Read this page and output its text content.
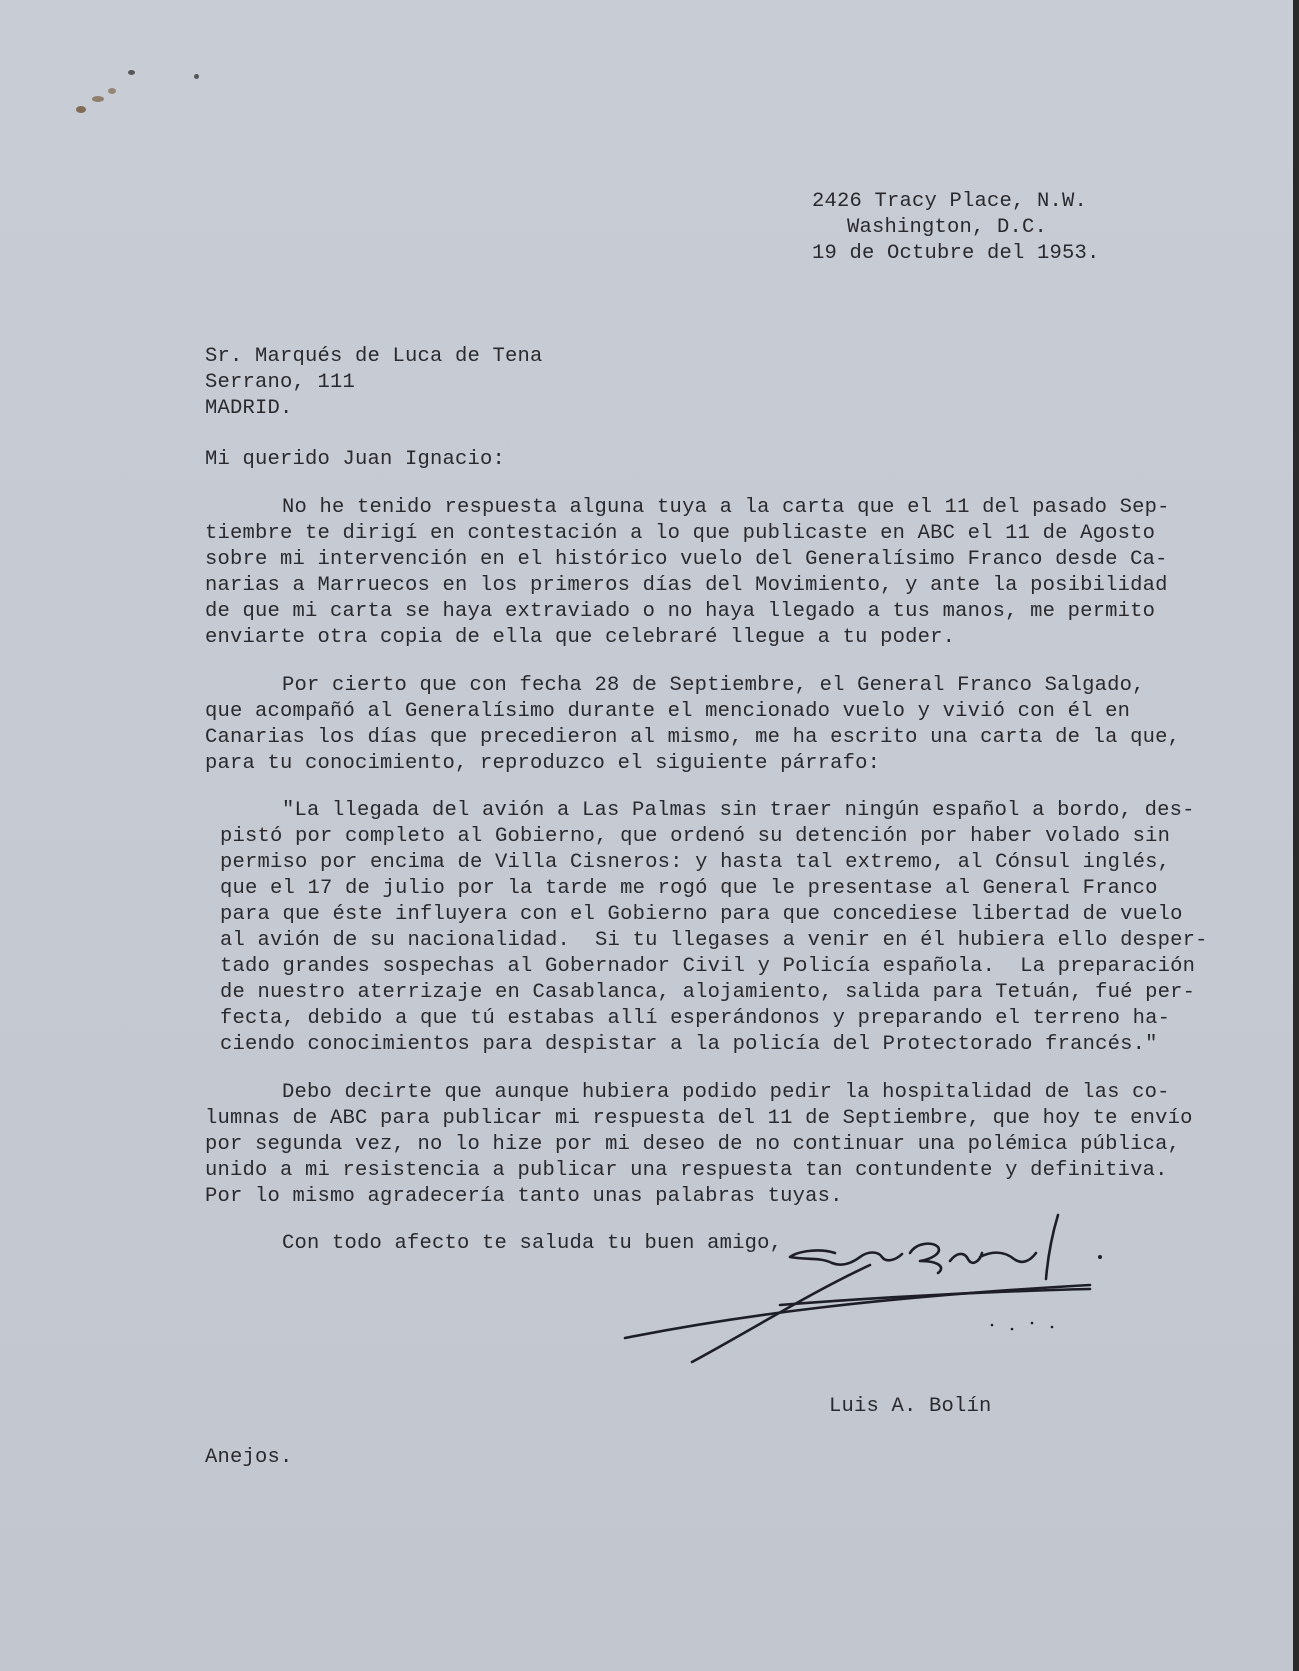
2426 Tracy Place, N.W.
Washington, D.C.
19 de Octubre del 1953.
Sr. Marqués de Luca de Tena
Serrano, 111
MADRID.
Mi querido Juan Ignacio:
No he tenido respuesta alguna tuya a la carta que el 11 del pasado Sep-
tiembre te dirigí en contestación a lo que publicaste en ABC el 11 de Agosto
sobre mi intervención en el histórico vuelo del Generalísimo Franco desde Ca-
narias a Marruecos en los primeros días del Movimiento, y ante la posibilidad
de que mi carta se haya extraviado o no haya llegado a tus manos, me permito
enviarte otra copia de ella que celebraré llegue a tu poder.
Por cierto que con fecha 28 de Septiembre, el General Franco Salgado,
que acompañó al Generalísimo durante el mencionado vuelo y vivió con él en
Canarias los días que precedieron al mismo, me ha escrito una carta de la que,
para tu conocimiento, reproduzco el siguiente párrafo:
"La llegada del avión a Las Palmas sin traer ningún español a bordo, des-
pistó por completo al Gobierno, que ordenó su detención por haber volado sin
permiso por encima de Villa Cisneros: y hasta tal extremo, al Cónsul inglés,
que el 17 de julio por la tarde me rogó que le presentase al General Franco
para que éste influyera con el Gobierno para que concediese libertad de vuelo
al avión de su nacionalidad.  Si tu llegases a venir en él hubiera ello desper-
tado grandes sospechas al Gobernador Civil y Policía española.  La preparación
de nuestro aterrizaje en Casablanca, alojamiento, salida para Tetuán, fué per-
fecta, debido a que tú estabas allí esperándonos y preparando el terreno ha-
ciendo conocimientos para despistar a la policía del Protectorado francés."
Debo decirte que aunque hubiera podido pedir la hospitalidad de las co-
lumnas de ABC para publicar mi respuesta del 11 de Septiembre, que hoy te envío
por segunda vez, no lo hize por mi deseo de no continuar una polémica pública,
unido a mi resistencia a publicar una respuesta tan contundente y definitiva.
Por lo mismo agradecería tanto unas palabras tuyas.
Con todo afecto te saluda tu buen amigo,
Luis A. Bolín
Anejos.
